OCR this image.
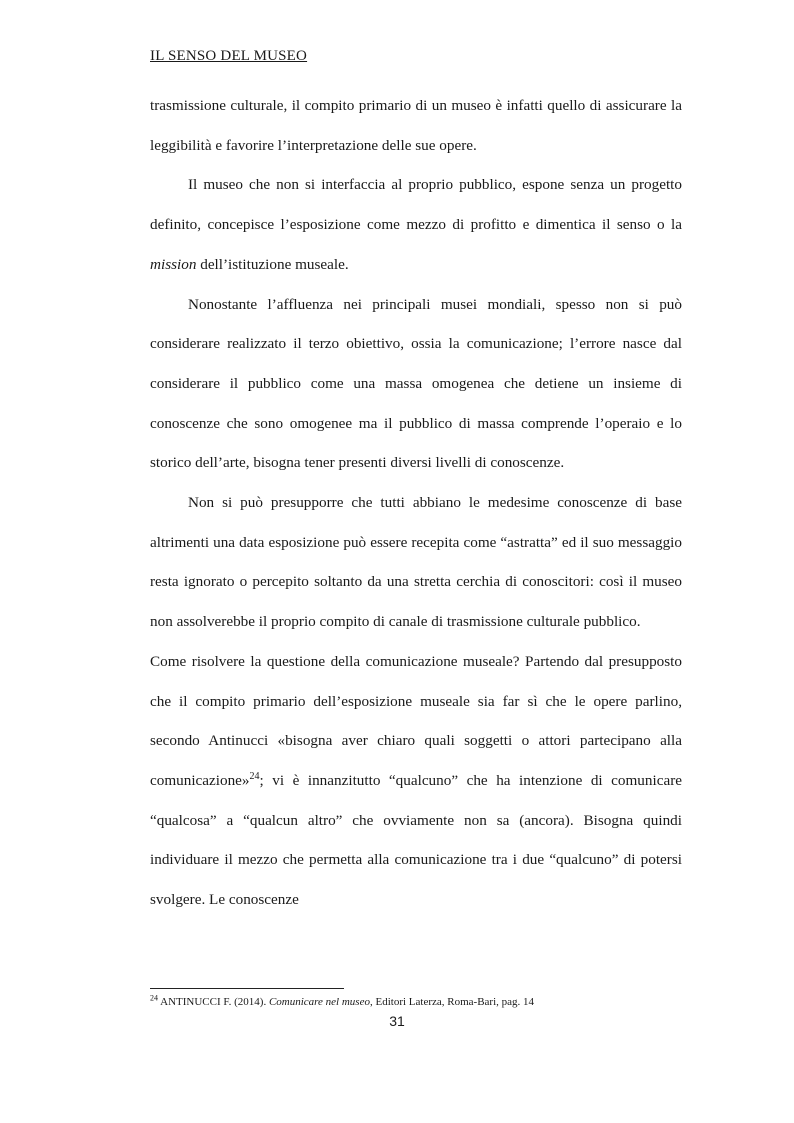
IL SENSO DEL MUSEO

trasmissione culturale, il compito primario di un museo è infatti quello di assicurare la leggibilità e favorire l’interpretazione delle sue opere.

Il museo che non si interfaccia al proprio pubblico, espone senza un progetto definito, concepisce l’esposizione come mezzo di profitto e dimentica il senso o la mission dell’istituzione museale.

Nonostante l’affluenza nei principali musei mondiali, spesso non si può considerare realizzato il terzo obiettivo, ossia la comunicazione; l’errore nasce dal considerare il pubblico come una massa omogenea che detiene un insieme di conoscenze che sono omogenee ma il pubblico di massa comprende l’operaio e lo storico dell’arte, bisogna tener presenti diversi livelli di conoscenze.

Non si può presupporre che tutti abbiano le medesime conoscenze di base altrimenti una data esposizione può essere recepita come “astratta” ed il suo messaggio resta ignorato o percepito soltanto da una stretta cerchia di conoscitori: così il museo non assolverebbe il proprio compito di canale di trasmissione culturale pubblico.

Come risolvere la questione della comunicazione museale? Partendo dal presupposto che il compito primario dell’esposizione museale sia far sì che le opere parlino, secondo Antinucci «bisogna aver chiaro quali soggetti o attori partecipano alla comunicazione»$^{24}$; vi è innanzitutto “qualcuno” che ha intenzione di comunicare “qualcosa” a “qualcun altro” che ovviamente non sa (ancora). Bisogna quindi individuare il mezzo che permetta alla comunicazione tra i due “qualcuno” di potersi svolgere. Le conoscenze

$^{24}$ ANTINUCCI F. (2014). Comunicare nel museo, Editori Laterza, Roma-Bari, pag. 14
31
